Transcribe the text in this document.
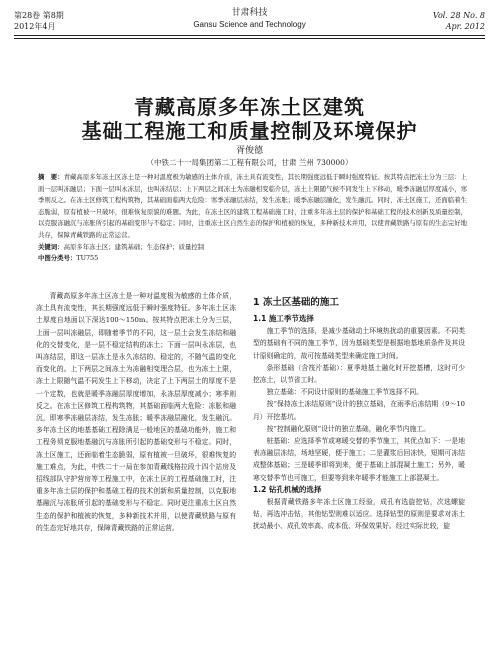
第28卷 第8期
2012年4月
甘肃科技
Gansu Science and Technology
Vol. 28 No. 8
Apr. 2012
青藏高原多年冻土区建筑
基础工程施工和质量控制及环境保护
胥俊德
（中铁二十一局集团第二工程有限公司，甘肃 兰州 730000）
摘　要：青藏高原多年冻土区冻土是一种对温度极为敏感的土体介质，冻土具有流变性，其长期强度远低于瞬时强度特征。按其特点把冻土分为三层：上面一层叫冻融层；下面一层叫永冻层，也叫冻结层；上下两层之间冻土为冻融相变临介层，冻土上限随气候不同发生上下移动，暖季冻融层厚度减小，寒季则反之。在冻土区修筑工程构筑物，其基础面临两大危险：寒季冻融层冻结，发生冻胀；暖季冻融层融化，发生融沉。同时，冻土区施工，还面临着生态脆弱，原有植被一旦破坏，很难恢复原貌的难题。为此，在冻土区的建筑工程基础施工时，注重多年冻土层的保护和基础工程的技术创新及质量控制，以克服冻融沉与冻胀所引起的基础变形与不稳定；同时，注重冻土区自然生态的保护和植被的恢复，多种新技术并用，以使青藏铁路与原有的生态完好地共存，保障青藏铁路的正常运营。
关键词：高原多年冻土区；建筑基础；生态保护；质量控制
中图分类号：TU755

青藏高原多年冻土区冻土是一种对温度极为敏感的土体介质，冻土具有流变性，其长期强度远低于瞬时强度特征。多年冻土区冻土厚度自地面以下深达100～150m。按其特点把冻土分为三层，上面一层叫冻融层，即随着季节的不同，这一层土会发生冻结和融化的交替变化，是一层不稳定结构的冻土；下面一层叫永冻层，也叫冻结层，即这一层冻土是永久冻结的、稳定的，不随气温的变化而变化的。上下两层之间冻土为冻融相变理合层，也为冻土上限，冻土上限随气温不同发生上下移动，决定了上下两层土的厚度不是一个定数，也就是暖季冻融层厚度增加，永冻层厚度减小；寒季则反之。在冻土区修筑工程构筑物，其基础面临两大危险：冻胀和融沉，即寒季冻融层冻结，发生冻胀；暖季冻融层融化，发生融沉。多年冻土区的地基基础工程除满足一般地区的基础功能外，施工和工程务须克服地基融沉与冻胀所引起的基础变形与不稳定。同时，冻土区施工，还面临着生态脆弱，原有植被一旦破坏，很难恢复的施工难点，为此，中铁二十一局在参加青藏线格拉段十四个站房及招线部队守护营房等工程施工中，在冻土区的工程基础施工时，注重多年冻土层的保护和基础工程的技术创新和质量控制，以克服地基融沉与冻胀所引起的基础变形与不稳定。同时更注重冻土区自然生态的保护和植被的恢复，多种新技术并用，以使青藏铁路与原有的生态完好地共存，保障青藏铁路的正常运营。

1 冻土区基础的施工
1.1 施工季节选择

施工季节的选择，是减少基础动土环境热扰动的重要因素。不同类型的基础有不同的施工季节，因为基础类型是根据地基地质条件及其设计原则确定的，故可按基础类型来确定施工时间。

条形基础（含筏片基础）：夏季地基土融化时开挖基槽，这时可少挖冻土，以节省工时。

独立基础：不同设计原则的基础施工季节选择不同。

按“保持冻土冻结原则”设计的独立基础，在雨季后冻结期（9～10月）开挖基坑。

按“控制融化原则”设计的独立基础，融化季节内施工。

桩基础：应选择季节或寒暖交替的季节施工，其优点如下：一是地表冻融层冻结，场地坚硬，便于施工；二是灌浆后回冻快，短期可冻结成整体基础；三是暖季即将到来，便于基础上部混凝土施工；另外，暖寒交替季节也可施工，但要等到来年暖季才能施工上部混凝土。

1.2 钻孔机械的选择

根据青藏铁路多年冻土区施工经验，成孔有选旋挖钻，次选螺旋钻，再选冲击钻，其他钻型则难以适应。选择钻型的原则是要求对冻土扰动最小、成孔效率高、成本低、环保效果好。经过实际比较，旋
